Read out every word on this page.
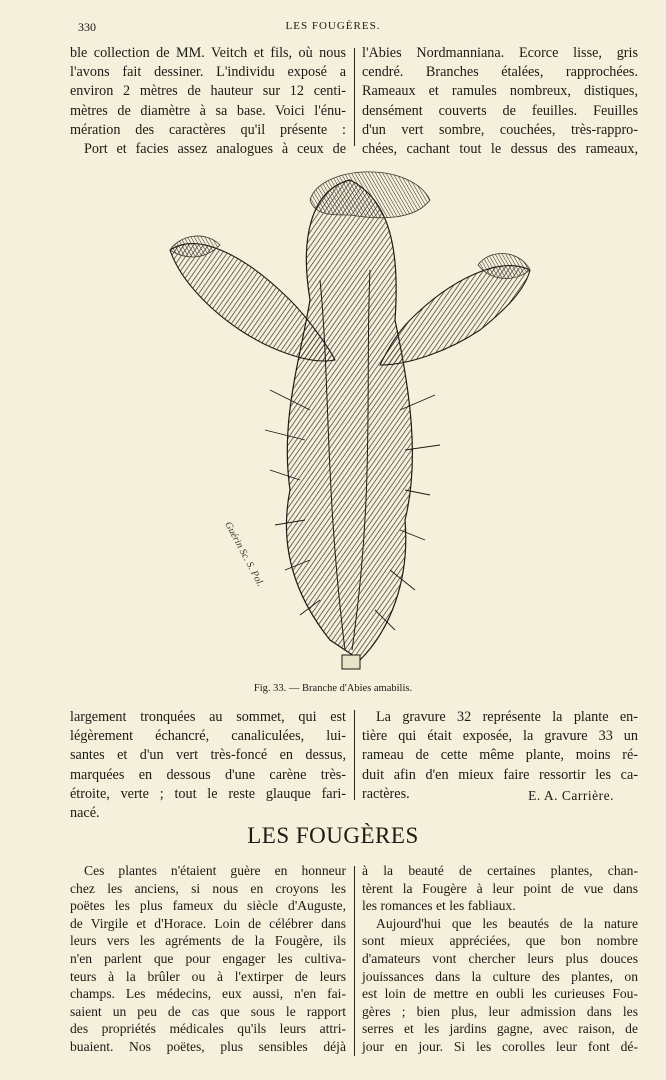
330	LES FOUGÈRES.
ble collection de MM. Veitch et fils, où nous
l'avons fait dessiner. L'individu exposé a
environ 2 mètres de hauteur sur 12 centi-
mètres de diamètre à sa base. Voici l'énu-
mération des caractères qu'il présente :
Port et facies assez analogues à ceux de
l'Abies Nordmanniana. Ecorce lisse, gris
cendré. Branches étalées, rapprochées.
Rameaux et ramules nombreux, distiques,
densément couverts de feuilles. Feuilles
d'un vert sombre, couchées, très-rappro-
chées, cachant tout le dessus des rameaux,
Guérin Sc. S. Pol.
Fig. 33. — Branche d'Abies amabilis.
largement tronquées au sommet, qui est
légèrement échancré, canaliculées, lui-
santes et d'un vert très-foncé en dessus,
marquées en dessous d'une carène très-
étroite, verte ; tout le reste glauque fari-
nacé.
La gravure 32 représente la plante en-
tière qui était exposée, la gravure 33 un
rameau de cette même plante, moins ré-
duit afin d'en mieux faire ressortir les ca-
ractères.	E. A. Carrière.
LES FOUGÈRES
Ces plantes n'étaient guère en honneur
chez les anciens, si nous en croyons les
poëtes les plus fameux du siècle d'Auguste,
de Virgile et d'Horace. Loin de célébrer dans
leurs vers les agréments de la Fougère, ils
n'en parlent que pour engager les cultiva-
teurs à la brûler ou à l'extirper de leurs
champs. Les médecins, eux aussi, n'en fai-
saient un peu de cas que sous le rapport
des propriétés médicales qu'ils leurs attri-
buaient. Nos poëtes, plus sensibles déjà
à la beauté de certaines plantes, chan-
tèrent la Fougère à leur point de vue dans
les romances et les fabliaux.
Aujourd'hui que les beautés de la nature
sont mieux appréciées, que bon nombre
d'amateurs vont chercher leurs plus douces
jouissances dans la culture des plantes, on
est loin de mettre en oubli les curieuses Fou-
gères ; bien plus, leur admission dans les
serres et les jardins gagne, avec raison, de
jour en jour. Si les corolles leur font dé-
